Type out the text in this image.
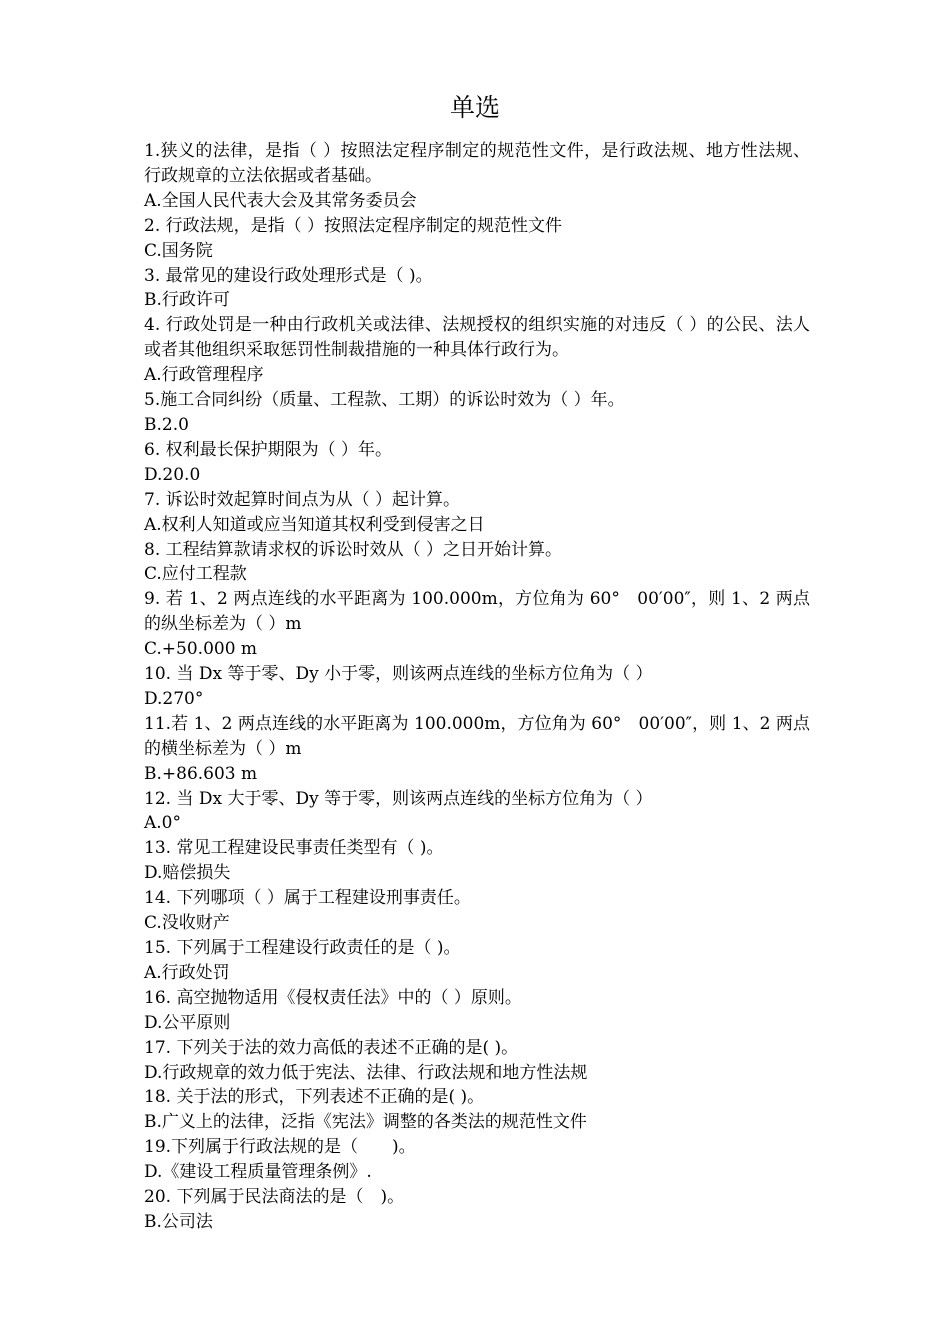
单选

1.狭义的法律，是指（ ）按照法定程序制定的规范性文件，是行政法规、地方性法规、行政规章的立法依据或者基础。

A.全国人民代表大会及其常务委员会

2. 行政法规，是指（ ）按照法定程序制定的规范性文件

C.国务院

3. 最常见的建设行政处理形式是（ )。

B.行政许可

4. 行政处罚是一种由行政机关或法律、法规授权的组织实施的对违反（ ）的公民、法人或者其他组织采取惩罚性制裁措施的一种具体行政行为。

A.行政管理程序

5.施工合同纠纷（质量、工程款、工期）的诉讼时效为（ ）年。

B.2.0

6. 权利最长保护期限为（ ）年。

D.20.0

7. 诉讼时效起算时间点为从（ ）起计算。

A.权利人知道或应当知道其权利受到侵害之日

8. 工程结算款请求权的诉讼时效从（ ）之日开始计算。

C.应付工程款

9. 若 1、2 两点连线的水平距离为 100.000m，方位角为 60°　00′00″，则 1、2 两点的纵坐标差为（ ）m

C.+50.000 m

10. 当 Dx 等于零、Dy 小于零，则该两点连线的坐标方位角为（ ）

D.270°

11.若 1、2 两点连线的水平距离为 100.000m，方位角为 60°　00′00″，则 1、2 两点的横坐标差为（ ）m

B.+86.603 m

12. 当 Dx 大于零、Dy 等于零，则该两点连线的坐标方位角为（ ）

A.0°

13. 常见工程建设民事责任类型有（ )。

D.赔偿损失

14. 下列哪项（ ）属于工程建设刑事责任。

C.没收财产

15. 下列属于工程建设行政责任的是（ )。

A.行政处罚

16. 高空抛物适用《侵权责任法》中的（ ）原则。

D.公平原则

17. 下列关于法的效力高低的表述不正确的是( )。

D.行政规章的效力低于宪法、法律、行政法规和地方性法规

18. 关于法的形式，下列表述不正确的是( )。

B.广义上的法律，泛指《宪法》调整的各类法的规范性文件

19.下列属于行政法规的是（　　)。

D.《建设工程质量管理条例》.

20. 下列属于民法商法的是（　)。

B.公司法
